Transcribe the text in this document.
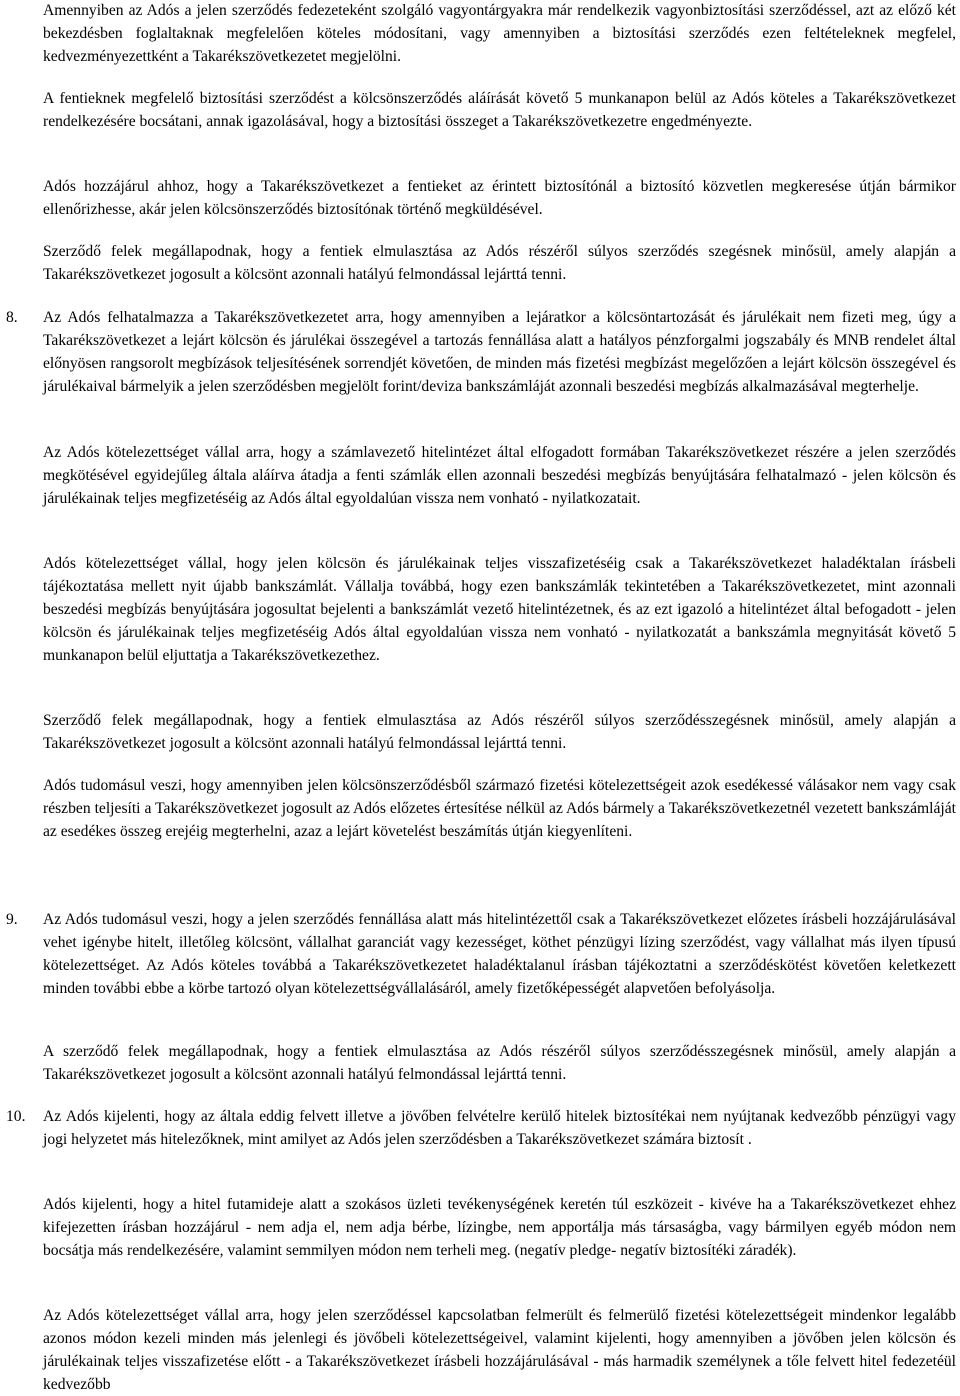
Amennyiben az Adós a jelen szerződés fedezeteként szolgáló vagyontárgyakra már rendelkezik vagyonbiztosítási szerződéssel, azt az előző két bekezdésben foglaltaknak megfelelően köteles módosítani, vagy amennyiben a biztosítási szerződés ezen feltételeknek megfelel, kedvezményezettként a Takarékszövetkezetet megjelölni.

A fentieknek megfelelő biztosítási szerződést a kölcsönszerződés aláírását követő 5 munkanapon belül az Adós köteles a Takarékszövetkezet rendelkezésére bocsátani, annak igazolásával, hogy a biztosítási összeget a Takarékszövetkezetre engedményezte.

Adós hozzájárul ahhoz, hogy a Takarékszövetkezet a fentieket az érintett biztosítónál a biztosító közvetlen megkeresése útján bármikor ellenőrizhesse, akár jelen kölcsönszerződés biztosítónak történő megküldésével.

Szerződő felek megállapodnak, hogy a fentiek elmulasztása az Adós részéről súlyos szerződés szegésnek minősül, amely alapján a Takarékszövetkezet jogosult a kölcsönt azonnali hatályú felmondással lejárttá tenni.

8.	Az Adós felhatalmazza a Takarékszövetkezetet arra, hogy amennyiben a lejáratkor a kölcsöntartozását és járulékait nem fizeti meg, úgy a Takarékszövetkezet a lejárt kölcsön és járulékai összegével a tartozás fennállása alatt a hatályos pénzforgalmi jogszabály és MNB rendelet által előnyösen rangsorolt megbízások teljesítésének sorrendjét követően, de minden más fizetési megbízást megelőzően a lejárt kölcsön összegével és járulékaival bármelyik a jelen szerződésben megjelölt forint/deviza bankszámláját azonnali beszedési megbízás alkalmazásával megterhelje.

Az Adós kötelezettséget vállal arra, hogy a számlavezető hitelintézet által elfogadott formában Takarékszövetkezet részére a jelen szerződés megkötésével egyidejűleg általa aláírva átadja a fenti számlák ellen azonnali beszedési megbízás benyújtására felhatalmazó - jelen kölcsön és járulékainak teljes megfizetéséig az Adós által egyoldalúan vissza nem vonható - nyilatkozatait.

Adós kötelezettséget vállal, hogy jelen kölcsön és járulékainak teljes visszafizetéséig csak a Takarékszövetkezet haladéktalan írásbeli tájékoztatása mellett nyit újabb bankszámlát. Vállalja továbbá, hogy ezen bankszámlák tekintetében a Takarékszövetkezetet, mint azonnali beszedési megbízás benyújtására jogosultat bejelenti a bankszámlát vezető hitelintézetnek, és az ezt igazoló a hitelintézet által befogadott - jelen kölcsön és járulékainak teljes megfizetéséig Adós által egyoldalúan vissza nem vonható - nyilatkozatát a bankszámla megnyitását követő 5 munkanapon belül eljuttatja a Takarékszövetkezethez.

Szerződő felek megállapodnak, hogy a fentiek elmulasztása az Adós részéről súlyos szerződésszegésnek minősül, amely alapján a Takarékszövetkezet jogosult a kölcsönt azonnali hatályú felmondással lejárttá tenni.

Adós tudomásul veszi, hogy amennyiben jelen kölcsönszerződésből származó fizetési kötelezettségeit azok esedékessé válásakor nem vagy csak részben teljesíti a Takarékszövetkezet jogosult az Adós előzetes értesítése nélkül az Adós bármely a Takarékszövetkezetnél vezetett bankszámláját az esedékes összeg erejéig megterhelni, azaz a lejárt követelést beszámítás útján kiegyenlíteni.

9.	Az Adós tudomásul veszi, hogy a jelen szerződés fennállása alatt más hitelintézettől csak a Takarékszövetkezet előzetes írásbeli hozzájárulásával vehet igénybe hitelt, illetőleg kölcsönt, vállalhat garanciát vagy kezességet, köthet pénzügyi lízing szerződést, vagy vállalhat más ilyen típusú kötelezettséget. Az Adós köteles továbbá a Takarékszövetkezetet haladéktalanul írásban tájékoztatni a szerződéskötést követően keletkezett minden további ebbe a körbe tartozó olyan kötelezettségvállalásáról, amely fizetőképességét alapvetően befolyásolja.

A szerződő felek megállapodnak, hogy a fentiek elmulasztása az Adós részéről súlyos szerződésszegésnek minősül, amely alapján a Takarékszövetkezet jogosult a kölcsönt azonnali hatályú felmondással lejárttá tenni.

10.	Az Adós kijelenti, hogy az általa eddig felvett illetve a jövőben felvételre kerülő hitelek biztosítékai nem nyújtanak kedvezőbb pénzügyi vagy jogi helyzetet más hitelezőknek, mint amilyet az Adós jelen szerződésben a Takarékszövetkezet számára biztosít .

Adós kijelenti, hogy a hitel futamideje alatt a szokásos üzleti tevékenységének keretén túl eszközeit - kivéve ha a Takarékszövetkezet ehhez kifejezetten írásban hozzájárul - nem adja el, nem adja bérbe, lízingbe, nem apportálja más társaságba, vagy bármilyen egyéb módon nem bocsátja más rendelkezésére, valamint semmilyen módon nem terheli meg. (negatív pledge- negatív biztosítéki záradék).

Az Adós kötelezettséget vállal arra, hogy jelen szerződéssel kapcsolatban felmerült és felmerülő fizetési kötelezettségeit mindenkor legalább azonos módon kezeli minden más jelenlegi és jövőbeli kötelezettségeivel, valamint kijelenti, hogy amennyiben a jövőben jelen kölcsön és járulékainak teljes visszafizetése előtt - a Takarékszövetkezet írásbeli hozzájárulásával - más harmadik személynek a tőle felvett hitel fedezetéül kedvezőbb
